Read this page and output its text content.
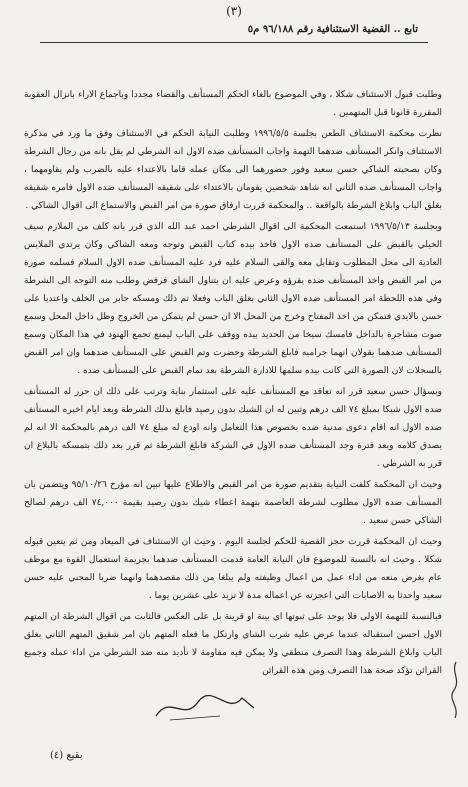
(٣)
تابع .. القضية الاستئنافية رقم ٩٦/١٨٨ م٥

وطلبت قبول الاستئناف شكلا ، وفي الموضوع بالغاء الحكم المستأنف والقضاء مجددا وباجماع الاراء بانزال العقوبة المقررة قانونا قبل المتهمين .

نظرت محكمة الاستئناف الطعن بجلسة ١٩٩٦/٥/٥ وطلبت النيابة الحكم في الاستئناف وفق ما ورد في مذكرة الاستئناف وانكر المستأنف ضدهما التهمة واجاب المستأنف ضده الاول انه الشرطي لم يقل بانه من رجال الشرطة وكان بصحبته الشاكي حسن سعيد وفور حضورهما الى مكان عمله قاما بالاعتداء عليه بالضرب ولم يقاومهما ، واجاب المستأنف ضده الثاني انه شاهد شخصين يقومان بالاعتداء على شقيقه المستأنف ضده الاول فامره شقيقه بغلق الباب وابلاغ الشرطة بالواقعة .. والمحكمة قررت ارفاق صورة من امر القبض والاستماع الى اقوال الشاكي .

وبجلسة ١٩٩٦/٥/١٣ استمعت المحكمة الى اقوال الشرطي احمد عبد الله الذي قرر بانه كلف من الملازم سيف الخيلي بالقبض على المستأنف ضده الاول فاخذ بيده كتاب القبض وتوجه ومعه الشاكي وكان يرتدي الملابس العادية الى محل المطلوب وتقابل معه والقى السلام عليه فرد عليه المستأنف ضده الاول السلام فسلمه صورة من امر القبض واخذ المستأنف ضده يقرؤه وعرض عليه ان يتناول الشاي فرفض وطلب منه التوجه الى الشرطة وفي هذه اللحظة امر المستأنف ضده الاول الثاني بغلق الباب وفعلا تم ذلك ومسكه جابر من الخلف واعتديا على حسن بالايدي فتمكن من اخذ المفتاح وخرج من المحل الا ان حسن لم يتمكن من الخروج وظل داخل المحل وسمع صوت مشاجرة بالداخل فامسك سيخا من الحديد بيده ووقف على الباب ليمنع تجمع الهنود في هذا المكان وسمع المستأنف ضدهما يقولان انهما جراميه فابلغ الشرطة وحضرت وتم القبض على المستأنف ضدهما وان امر القبض بالسجلات لان الصورة التي كانت بيده سلمها للادارة الشرطة بعد تمام القبض على المستأنف ضده .

وبسؤال حسن سعيد قرر انه تعاقد مع المستأنف عليه على استثمار بناية وترتب على ذلك ان حرر له المستأنف ضده الاول شيكا بمبلغ ٧٤ الف درهم وتبين له ان الشيك بدون رصيد فابلغ بذلك الشرطة وبعد ايام اخبره المستأنف ضده الاول انه اقام دعوى مدنية ضده بخصوص هذا التعامل وانه اودع له مبلغ ٧٤ الف درهم بالمحكمة الا انه لم يصدق كلامه وبعد فترة وجد المستأنف ضده الاول في الشركة فابلغ الشرطة ثم قرر بعد ذلك بتمسكه بالبلاغ ان قرر به الشرطي .

وحيث ان المحكمة كلفت النيابة بتقديم صورة من امر القبض والاطلاع عليها تبين انه مؤرخ ٩٥/١٠/٢٦ ويتضمن بان المستأنف ضده الاول مطلوب لشرطة العاصمة بتهمة اعطاء شيك بدون رصيد بقيمة ٧٤,٠٠٠ الف درهم لصالح الشاكي حسن سعيد .

وحيث ان المحكمة قررت حجز القضية للحكم لجلسة اليوم . وحيث ان الاستئناف في الميعاد ومن ثم يتعين قبوله شكلا . وحيث انه بالنسبة للموضوع فان النيابة العامة قدمت المستأنف ضدهما بجريمة استعمال القوة مع موظف عام بغرض منعه من اداء عمل من اعمال وظيفته ولم يبلغا من ذلك مقصدهما وانهما ضربا المجني عليه حسن سعيد واحدثا به الاصابات التي اعجزته عن اعماله مدة لا تزيد على عشرين يوما .

فبالنسبة للتهمة الاولى فلا يوجد على ثبوتها اي بينة او قرينة بل على العكس فالثابت من اقوال الشرطة ان المتهم الاول احسن استقباله عندما عرض عليه شرب الشاي وارتكل ما فعله المتهم بان امر شقيق المتهم الثاني بغلق الباب وابلاغ الشرطة وهذا التصرف منطقي ولا يمكن فيه مقاومة لا تأديد منه ضد الشرطي من اداء عمله وجميع القرائن تؤكد صحة هذا التصرف ومن هذه القرائن

بقيع (٤)
